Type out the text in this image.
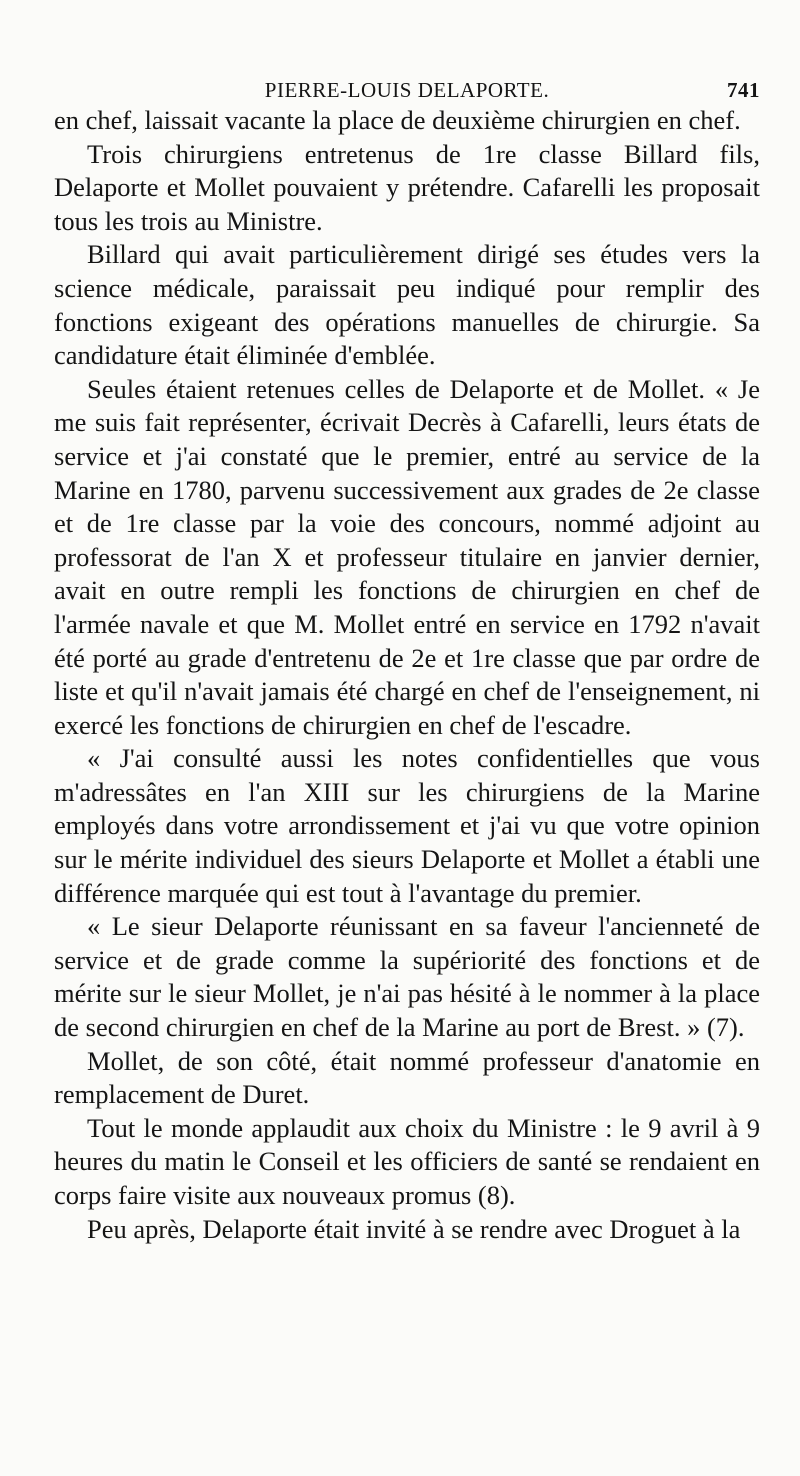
PIERRE-LOUIS DELAPORTE.	741

en chef, laissait vacante la place de deuxième chirurgien en chef.

Trois chirurgiens entretenus de 1re classe Billard fils, Delaporte et Mollet pouvaient y prétendre. Cafarelli les proposait tous les trois au Ministre.

Billard qui avait particulièrement dirigé ses études vers la science médicale, paraissait peu indiqué pour remplir des fonctions exigeant des opérations manuelles de chirurgie. Sa candidature était éliminée d'emblée.

Seules étaient retenues celles de Delaporte et de Mollet. « Je me suis fait représenter, écrivait Decrès à Cafarelli, leurs états de service et j'ai constaté que le premier, entré au service de la Marine en 1780, parvenu successivement aux grades de 2e classe et de 1re classe par la voie des concours, nommé adjoint au professorat de l'an X et professeur titulaire en janvier dernier, avait en outre rempli les fonctions de chirurgien en chef de l'armée navale et que M. Mollet entré en service en 1792 n'avait été porté au grade d'entretenu de 2e et 1re classe que par ordre de liste et qu'il n'avait jamais été chargé en chef de l'enseignement, ni exercé les fonctions de chirurgien en chef de l'escadre.

« J'ai consulté aussi les notes confidentielles que vous m'adressâtes en l'an XIII sur les chirurgiens de la Marine employés dans votre arrondissement et j'ai vu que votre opinion sur le mérite individuel des sieurs Delaporte et Mollet a établi une différence marquée qui est tout à l'avantage du premier.

« Le sieur Delaporte réunissant en sa faveur l'ancienneté de service et de grade comme la supériorité des fonctions et de mérite sur le sieur Mollet, je n'ai pas hésité à le nommer à la place de second chirurgien en chef de la Marine au port de Brest. » (7).

Mollet, de son côté, était nommé professeur d'anatomie en remplacement de Duret.

Tout le monde applaudit aux choix du Ministre : le 9 avril à 9 heures du matin le Conseil et les officiers de santé se rendaient en corps faire visite aux nouveaux promus (8).

Peu après, Delaporte était invité à se rendre avec Droguet à la
